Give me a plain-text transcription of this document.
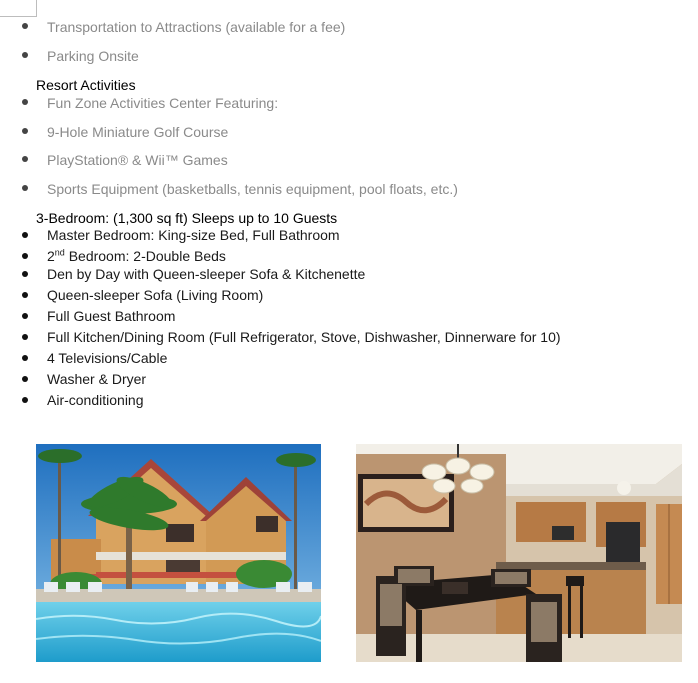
Transportation to Attractions (available for a fee)
Parking Onsite
Resort Activities
Fun Zone Activities Center Featuring:
9-Hole Miniature Golf Course
PlayStation® & Wii™ Games
Sports Equipment (basketballs, tennis equipment, pool floats, etc.)
3-Bedroom: (1,300 sq ft) Sleeps up to 10 Guests
Master Bedroom: King-size Bed, Full Bathroom
2nd Bedroom: 2-Double Beds
Den by Day with Queen-sleeper Sofa & Kitchenette
Queen-sleeper Sofa (Living Room)
Full Guest Bathroom
Full Kitchen/Dining Room (Full Refrigerator, Stove, Dishwasher, Dinnerware for 10)
4 Televisions/Cable
Washer & Dryer
Air-conditioning
